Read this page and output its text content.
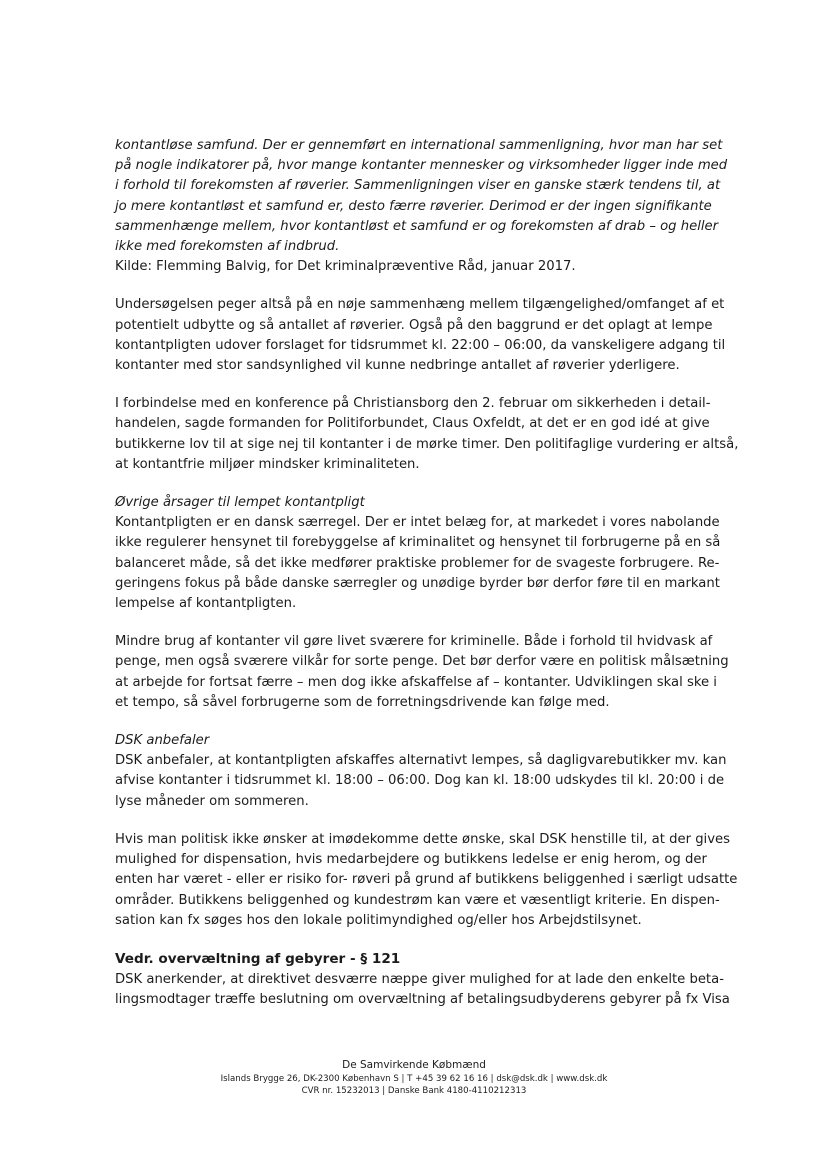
kontantløse samfund. Der er gennemført en international sammenligning, hvor man har set
på nogle indikatorer på, hvor mange kontanter mennesker og virksomheder ligger inde med
i forhold til forekomsten af røverier. Sammenligningen viser en ganske stærk tendens til, at
jo mere kontantløst et samfund er, desto færre røverier. Derimod er der ingen signifikante
sammenhænge mellem, hvor kontantløst et samfund er og forekomsten af drab – og heller
ikke med forekomsten af indbrud.
Kilde: Flemming Balvig, for Det kriminalpræventive Råd, januar 2017.
Undersøgelsen peger altså på en nøje sammenhæng mellem tilgængelighed/omfanget af et
potentielt udbytte og så antallet af røverier. Også på den baggrund er det oplagt at lempe
kontantpligten udover forslaget for tidsrummet kl. 22:00 – 06:00, da vanskeligere adgang til
kontanter med stor sandsynlighed vil kunne nedbringe antallet af røverier yderligere.
I forbindelse med en konference på Christiansborg den 2. februar om sikkerheden i detail-
handelen, sagde formanden for Politiforbundet, Claus Oxfeldt, at det er en god idé at give
butikkerne lov til at sige nej til kontanter i de mørke timer. Den politifaglige vurdering er altså,
at kontantfrie miljøer mindsker kriminaliteten.
Øvrige årsager til lempet kontantpligt
Kontantpligten er en dansk særregel. Der er intet belæg for, at markedet i vores nabolande
ikke regulerer hensynet til forebyggelse af kriminalitet og hensynet til forbrugerne på en så
balanceret måde, så det ikke medfører praktiske problemer for de svageste forbrugere. Re-
geringens fokus på både danske særregler og unødige byrder bør derfor føre til en markant
lempelse af kontantpligten.
Mindre brug af kontanter vil gøre livet sværere for kriminelle. Både i forhold til hvidvask af
penge, men også sværere vilkår for sorte penge. Det bør derfor være en politisk målsætning
at arbejde for fortsat færre – men dog ikke afskaffelse af – kontanter. Udviklingen skal ske i
et tempo, så såvel forbrugerne som de forretningsdrivende kan følge med.
DSK anbefaler
DSK anbefaler, at kontantpligten afskaffes alternativt lempes, så dagligvarebutikker mv. kan
afvise kontanter i tidsrummet kl. 18:00 – 06:00. Dog kan kl. 18:00 udskydes til kl. 20:00 i de
lyse måneder om sommeren.
Hvis man politisk ikke ønsker at imødekomme dette ønske, skal DSK henstille til, at der gives
mulighed for dispensation, hvis medarbejdere og butikkens ledelse er enig herom, og der
enten har været - eller er risiko for- røveri på grund af butikkens beliggenhed i særligt udsatte
områder. Butikkens beliggenhed og kundestrøm kan være et væsentligt kriterie. En dispen-
sation kan fx søges hos den lokale politimyndighed og/eller hos Arbejdstilsynet.
Vedr. overvæltning af gebyrer - § 121
DSK anerkender, at direktivet desværre næppe giver mulighed for at lade den enkelte beta-
lingsmodtager træffe beslutning om overvæltning af betalingsudbyderens gebyrer på fx Visa
De Samvirkende Købmænd
Islands Brygge 26, DK-2300 København S | T +45 39 62 16 16 | dsk@dsk.dk | www.dsk.dk
CVR nr. 15232013 | Danske Bank 4180-4110212313
